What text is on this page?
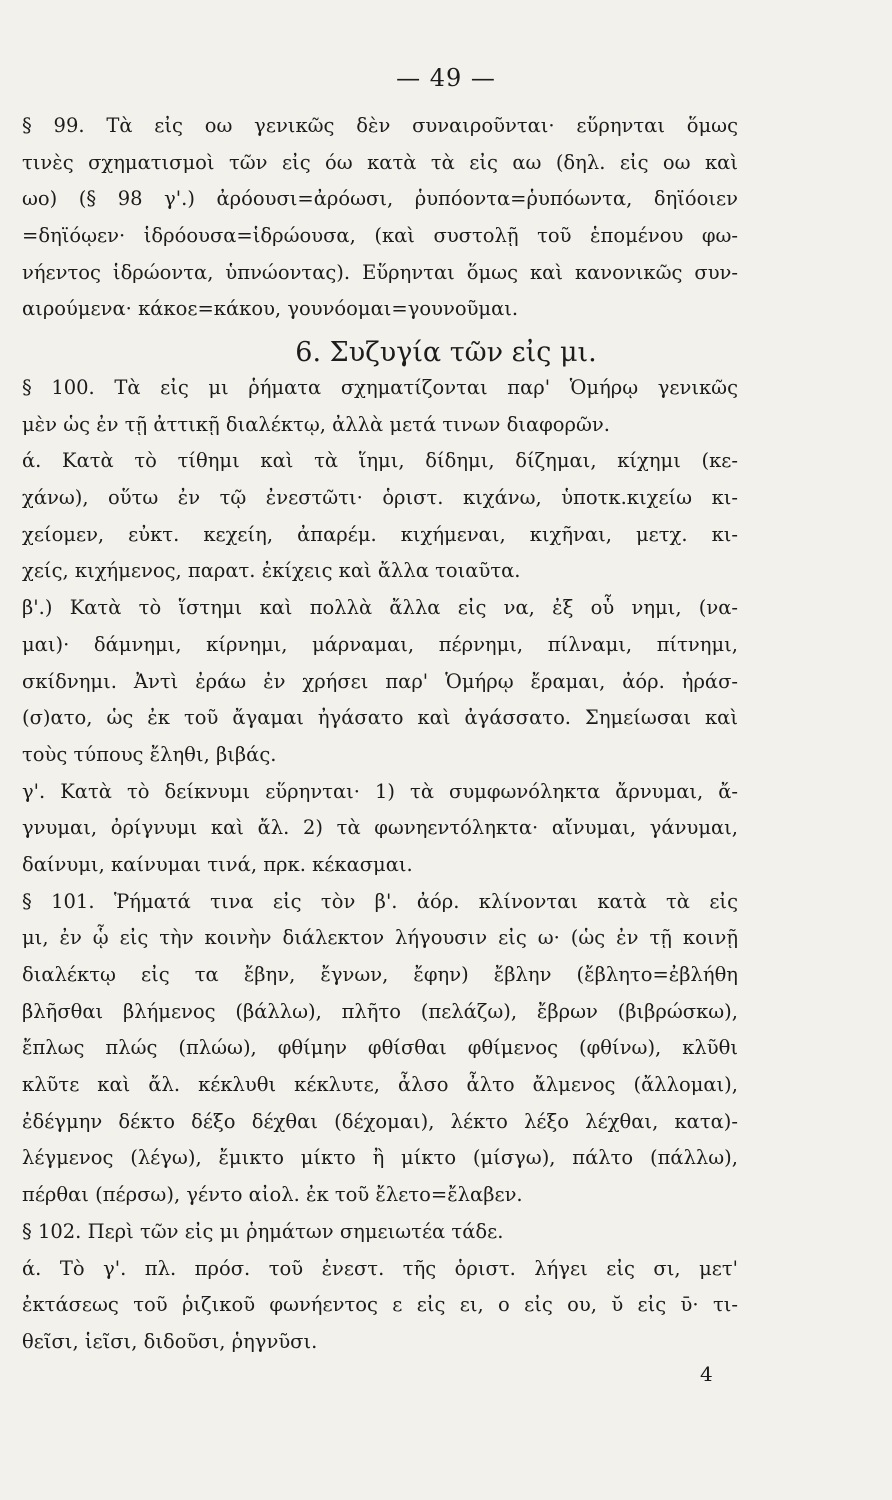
— 49 —
§ 99. Τὰ εἰς οω γενικῶς δὲν συναιροῦνται· εὕρηνται ὅμως
τινὲς σχηματισμοὶ τῶν εἰς όω κατὰ τὰ εἰς αω (δηλ. εἰς οω καὶ
ωο) (§ 98 γ'.) ἀρόουσι=ἀρόωσι, ῥυπόοντα=ῥυπόωντα, δηϊόοιεν
=δηϊόῳεν· ἱδρόουσα=ἱδρώουσα, (καὶ συστολῇ τοῦ ἑπομένου φω-
νήεντος ἱδρώοντα, ὑπνώοντας). Εὕρηνται ὅμως καὶ κανονικῶς συν-
αιρούμενα· κάκοε=κάκου, γουνόομαι=γουνοῦμαι.
6. Συζυγία τῶν εἰς μι.
§ 100. Τὰ εἰς μι ῥήματα σχηματίζονται παρ' Ὁμήρῳ γενικῶς
μὲν ὡς ἐν τῇ ἀττικῇ διαλέκτῳ, ἀλλὰ μετά τινων διαφορῶν.
ά. Κατὰ τὸ τίθημι καὶ τὰ ἵημι, δίδημι, δίζημαι, κίχημι (κε-
χάνω), οὕτω ἐν τῷ ἐνεστῶτι· ὁριστ. κιχάνω, ὑποτκ.κιχείω κι-
χείομεν, εὐκτ. κεχείη, ἀπαρέμ. κιχήμεναι, κιχῆναι, μετχ. κι-
χείς, κιχήμενος, παρατ. ἐκίχεις καὶ ἄλλα τοιαῦτα.
β'.) Κατὰ τὸ ἵστημι καὶ πολλὰ ἄλλα εἰς να, ἐξ οὗ νημι, (να-
μαι)· δάμνημι, κίρνημι, μάρναμαι, πέρνημι, πίλναμι, πίτνημι,
σκίδνημι. Ἀντὶ ἐράω ἐν χρήσει παρ' Ὁμήρῳ ἔραμαι, ἀόρ. ἠράσ-
(σ)ατο, ὡς ἐκ τοῦ ἄγαμαι ἠγάσατο καὶ ἀγάσσατο. Σημείωσαι καὶ
τοὺς τύπους ἔληθι, βιβάς.
γ'. Κατὰ τὸ δείκνυμι εὕρηνται· 1) τὰ συμφωνόληκτα ἄρνυμαι, ἄ-
γνυμαι, ὀρίγνυμι καὶ ἄλ. 2) τὰ φωνηεντόληκτα· αἴνυμαι, γάνυμαι,
δαίνυμι, καίνυμαι τινά, πρκ. κέκασμαι.
§ 101. Ῥήματά τινα εἰς τὸν β'. ἀόρ. κλίνονται κατὰ τὰ εἰς
μι, ἐν ᾧ εἰς τὴν κοινὴν διάλεκτον λήγουσιν εἰς ω· (ὡς ἐν τῇ κοινῇ
διαλέκτῳ εἰς τα ἔβην, ἔγνων, ἔφην) ἔβλην (ἔβλητο=ἐβλήθη
βλῆσθαι βλήμενος (βάλλω), πλῆτο (πελάζω), ἔβρων (βιβρώσκω),
ἔπλως πλώς (πλώω), φθίμην φθίσθαι φθίμενος (φθίνω), κλῦθι
κλῦτε καὶ ἄλ. κέκλυθι κέκλυτε, ἆλσο ἆλτο ἄλμενος (ἄλλομαι),
ἐδέγμην δέκτο δέξο δέχθαι (δέχομαι), λέκτο λέξο λέχθαι, κατα)-
λέγμενος (λέγω), ἔμικτο μίκτο ἢ μίκτο (μίσγω), πάλτο (πάλλω),
πέρθαι (πέρσω), γέντο αἰολ. ἐκ τοῦ ἔλετο=ἔλαβεν.
§ 102. Περὶ τῶν εἰς μι ῥημάτων σημειωτέα τάδε.
ά. Τὸ γ'. πλ. πρόσ. τοῦ ἐνεστ. τῆς ὁριστ. λήγει εἰς σι, μετ'
ἐκτάσεως τοῦ ῥιζικοῦ φωνήεντος ε εἰς ει, ο εἰς ου, ῠ εἰς ῡ· τι-
θεῖσι, ἱεῖσι, διδοῦσι, ῥηγνῦσι.
4
